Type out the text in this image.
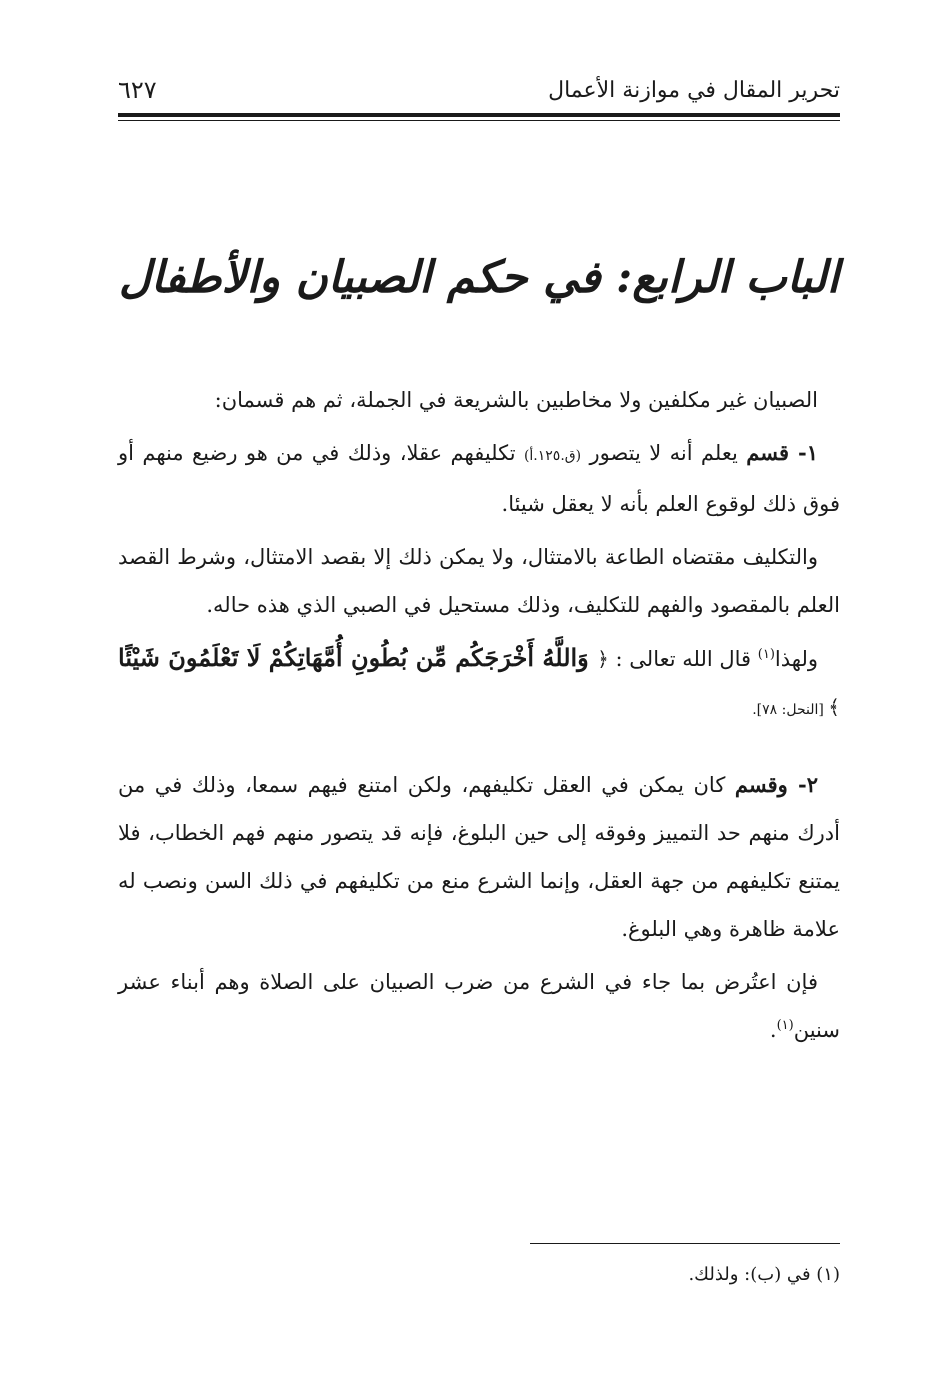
تحرير المقال في موازنة الأعمال
٦٢٧
الباب الرابع: في حكم الصبيان والأطفال

الصبيان غير مكلفين ولا مخاطبين بالشريعة في الجملة، ثم هم قسمان:

١- قسم يعلم أنه لا يتصور (ق.١٢٥.أ) تكليفهم عقلا، وذلك في من هو رضيع منهم أو فوق ذلك لوقوع العلم بأنه لا يعقل شيئا.

والتكليف مقتضاه الطاعة بالامتثال، ولا يمكن ذلك إلا بقصد الامتثال، وشرط القصد العلم بالمقصود والفهم للتكليف، وذلك مستحيل في الصبي الذي هذه حاله.

ولهذا$^{(١)}$ قال الله تعالى : ﴿ وَاللَّهُ أَخْرَجَكُم مِّن بُطُونِ أُمَّهَاتِكُمْ لَا تَعْلَمُونَ شَيْئًا ﴾ [النحل: ٧٨].

٢- وقسم كان يمكن في العقل تكليفهم، ولكن امتنع فيهم سمعا، وذلك في من أدرك منهم حد التمييز وفوقه إلى حين البلوغ، فإنه قد يتصور منهم فهم الخطاب، فلا يمتنع تكليفهم من جهة العقل، وإنما الشرع منع من تكليفهم في ذلك السن ونصب له علامة ظاهرة وهي البلوغ.

فإن اعتُرض بما جاء في الشرع من ضرب الصبيان على الصلاة وهم أبناء عشر سنين$^{(١)}$.

(١) في (ب): ولذلك.
